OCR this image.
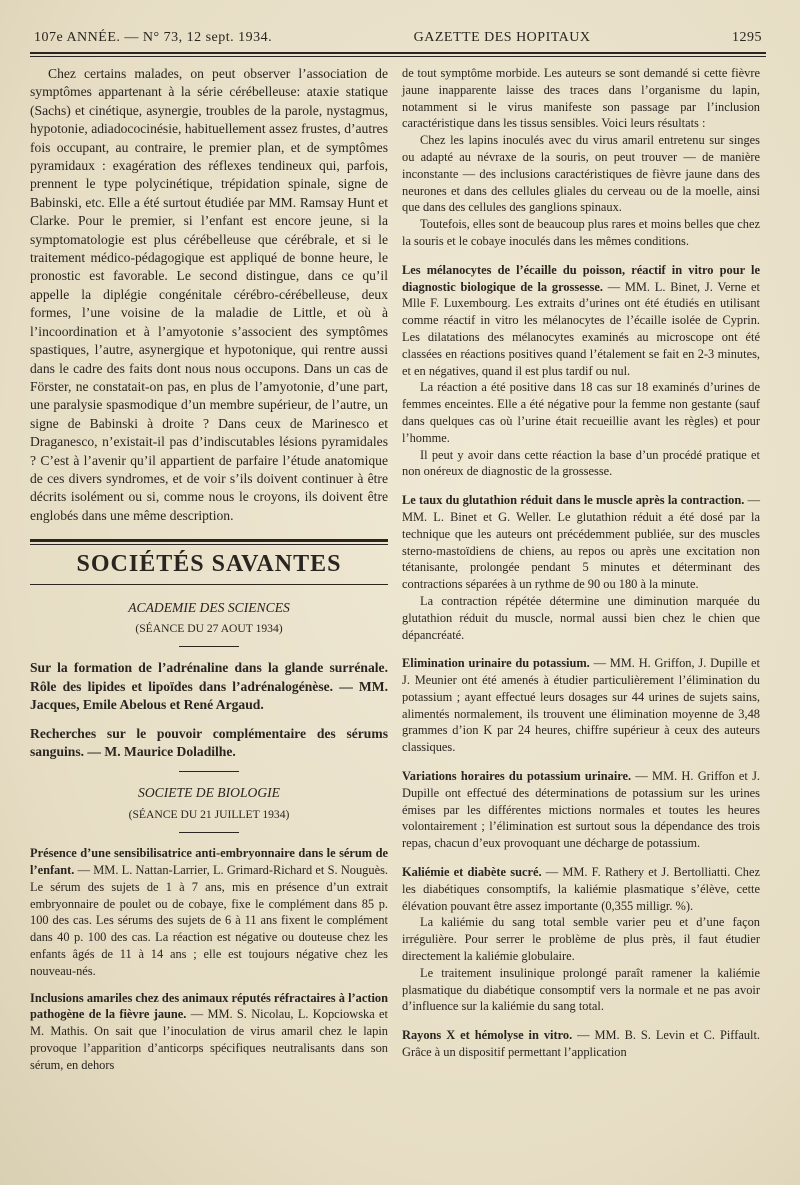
107e ANNÉE. — N° 73, 12 sept. 1934.	GAZETTE DES HOPITAUX	1295

Chez certains malades, on peut observer l’association de symptômes appartenant à la série cérébelleuse: ataxie statique (Sachs) et cinétique, asynergie, troubles de la parole, nystagmus, hypotonie, adiadococinésie, habituellement assez frustes, d’autres fois occupant, au contraire, le premier plan, et de symptômes pyramidaux : exagération des réflexes tendineux qui, parfois, prennent le type polycinétique, trépidation spinale, signe de Babinski, etc. Elle a été surtout étudiée par MM. Ramsay Hunt et Clarke. Pour le premier, si l’enfant est encore jeune, si la symptomatologie est plus cérébelleuse que cérébrale, et si le traitement médico-pédagogique est appliqué de bonne heure, le pronostic est favorable. Le second distingue, dans ce qu’il appelle la diplégie congénitale cérébro-cérébelleuse, deux formes, l’une voisine de la maladie de Little, et où à l’incoordination et à l’amyotonie s’associent des symptômes spastiques, l’autre, asynergique et hypotonique, qui rentre aussi dans le cadre des faits dont nous nous occupons. Dans un cas de Förster, ne constatait-on pas, en plus de l’amyotonie, d’une part, une paralysie spasmodique d’un membre supérieur, de l’autre, un signe de Babinski à droite ? Dans ceux de Marinesco et Draganesco, n’existait-il pas d’indiscutables lésions pyramidales ? C’est à l’avenir qu’il appartient de parfaire l’étude anatomique de ces divers syndromes, et de voir s’ils doivent continuer à être décrits isolément ou si, comme nous le croyons, ils doivent être englobés dans une même description.

SOCIÉTÉS SAVANTES
ACADEMIE DES SCIENCES
(SÉANCE DU 27 AOUT 1934)
Sur la formation de l’adrénaline dans la glande surrénale. Rôle des lipides et lipoïdes dans l’adrénalogénèse. — MM. Jacques, Emile Abelous et René Argaud.
Recherches sur le pouvoir complémentaire des sérums sanguins. — M. Maurice Doladilhe.
SOCIETE DE BIOLOGIE
(SÉANCE DU 21 JUILLET 1934)
Présence d’une sensibilisatrice anti-embryonnaire dans le sérum de l’enfant. — MM. L. Nattan-Larrier, L. Grimard-Richard et S. Nouguès. Le sérum des sujets de 1 à 7 ans, mis en présence d’un extrait embryonnaire de poulet ou de cobaye, fixe le complément dans 85 p. 100 des cas. Les sérums des sujets de 6 à 11 ans fixent le complément dans 40 p. 100 des cas. La réaction est négative ou douteuse chez les enfants âgés de 11 à 14 ans ; elle est toujours négative chez les nouveau-nés.
Inclusions amariles chez des animaux réputés réfractaires à l’action pathogène de la fièvre jaune. — MM. S. Nicolau, L. Kopciowska et M. Mathis. On sait que l’inoculation de virus amaril chez le lapin provoque l’apparition d’anticorps spécifiques neutralisants dans son sérum, en dehors

de tout symptôme morbide. Les auteurs se sont demandé si cette fièvre jaune inapparente laisse des traces dans l’organisme du lapin, notamment si le virus manifeste son passage par l’inclusion caractéristique dans les tissus sensibles. Voici leurs résultats :

Chez les lapins inoculés avec du virus amaril entretenu sur singes ou adapté au névraxe de la souris, on peut trouver — de manière inconstante — des inclusions caractéristiques de fièvre jaune dans des neurones et dans des cellules gliales du cerveau ou de la moelle, ainsi que dans des cellules des ganglions spinaux.

Toutefois, elles sont de beaucoup plus rares et moins belles que chez la souris et le cobaye inoculés dans les mêmes conditions.

Les mélanocytes de l’écaille du poisson, réactif in vitro pour le diagnostic biologique de la grossesse. — MM. L. Binet, J. Verne et Mlle F. Luxembourg. Les extraits d’urines ont été étudiés en utilisant comme réactif in vitro les mélanocytes de l’écaille isolée de Cyprin. Les dilatations des mélanocytes examinés au microscope ont été classées en réactions positives quand l’étalement se fait en 2-3 minutes, et en négatives, quand il est plus tardif ou nul.

La réaction a été positive dans 18 cas sur 18 examinés d’urines de femmes enceintes. Elle a été négative pour la femme non gestante (sauf dans quelques cas où l’urine était recueillie avant les règles) et pour l’homme.

Il peut y avoir dans cette réaction la base d’un procédé pratique et non onéreux de diagnostic de la grossesse.

Le taux du glutathion réduit dans le muscle après la contraction. — MM. L. Binet et G. Weller. Le glutathion réduit a été dosé par la technique que les auteurs ont précédemment publiée, sur des muscles sterno-mastoïdiens de chiens, au repos ou après une excitation non tétanisante, prolongée pendant 5 minutes et déterminant des contractions séparées à un rythme de 90 ou 180 à la minute.

La contraction répétée détermine une diminution marquée du glutathion réduit du muscle, normal aussi bien chez le chien que dépancréaté.

Elimination urinaire du potassium. — MM. H. Griffon, J. Dupille et J. Meunier ont été amenés à étudier particulièrement l’élimination du potassium ; ayant effectué leurs dosages sur 44 urines de sujets sains, alimentés normalement, ils trouvent une élimination moyenne de 3,48 grammes d’ion K par 24 heures, chiffre supérieur à ceux des auteurs classiques.

Variations horaires du potassium urinaire. — MM. H. Griffon et J. Dupille ont effectué des déterminations de potassium sur les urines émises par les différentes mictions normales et toutes les heures volontairement ; l’élimination est surtout sous la dépendance des trois repas, chacun d’eux provoquant une décharge de potassium.

Kaliémie et diabète sucré. — MM. F. Rathery et J. Bertolliatti. Chez les diabétiques consomptifs, la kaliémie plasmatique s’élève, cette élévation pouvant être assez importante (0,355 milligr. %).

La kaliémie du sang total semble varier peu et d’une façon irrégulière. Pour serrer le problème de plus près, il faut étudier directement la kaliémie globulaire.

Le traitement insulinique prolongé paraît ramener la kaliémie plasmatique du diabétique consomptif vers la normale et ne pas avoir d’influence sur la kaliémie du sang total.

Rayons X et hémolyse in vitro. — MM. B. S. Levin et C. Piffault. Grâce à un dispositif permettant l’application
